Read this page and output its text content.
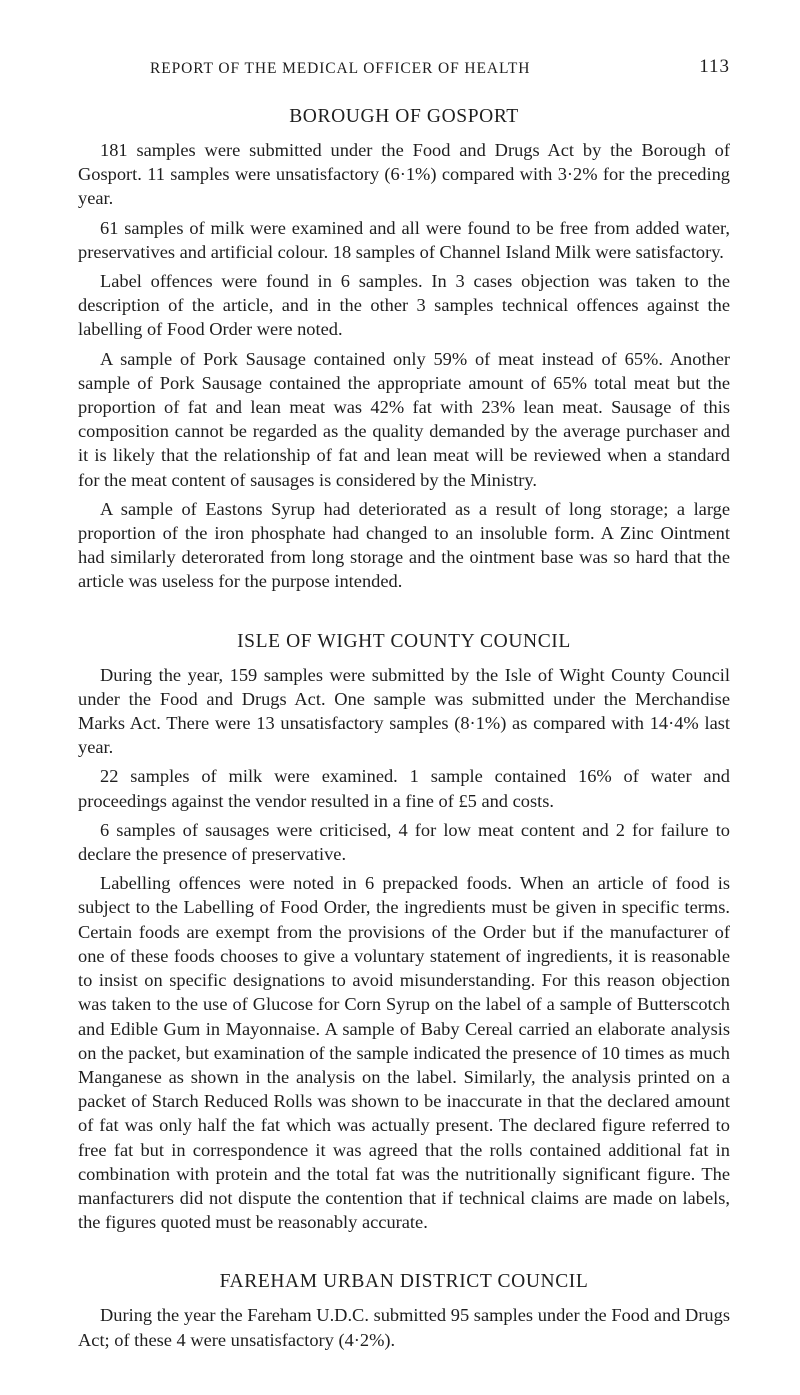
REPORT OF THE MEDICAL OFFICER OF HEALTH	113
BOROUGH OF GOSPORT

181 samples were submitted under the Food and Drugs Act by the Borough of Gosport. 11 samples were unsatisfactory (6·1%) compared with 3·2% for the preceding year.

61 samples of milk were examined and all were found to be free from added water, preservatives and artificial colour. 18 samples of Channel Island Milk were satisfactory.

Label offences were found in 6 samples. In 3 cases objection was taken to the description of the article, and in the other 3 samples technical offences against the labelling of Food Order were noted.

A sample of Pork Sausage contained only 59% of meat instead of 65%. Another sample of Pork Sausage contained the appropriate amount of 65% total meat but the proportion of fat and lean meat was 42% fat with 23% lean meat. Sausage of this composition cannot be regarded as the quality demanded by the average purchaser and it is likely that the relationship of fat and lean meat will be reviewed when a standard for the meat content of sausages is considered by the Ministry.

A sample of Eastons Syrup had deteriorated as a result of long storage; a large proportion of the iron phosphate had changed to an insoluble form. A Zinc Ointment had similarly deterorated from long storage and the ointment base was so hard that the article was useless for the purpose intended.

ISLE OF WIGHT COUNTY COUNCIL

During the year, 159 samples were submitted by the Isle of Wight County Council under the Food and Drugs Act. One sample was submitted under the Merchandise Marks Act. There were 13 unsatisfactory samples (8·1%) as compared with 14·4% last year.

22 samples of milk were examined. 1 sample contained 16% of water and proceedings against the vendor resulted in a fine of £5 and costs.

6 samples of sausages were criticised, 4 for low meat content and 2 for failure to declare the presence of preservative.

Labelling offences were noted in 6 prepacked foods. When an article of food is subject to the Labelling of Food Order, the ingredients must be given in specific terms. Certain foods are exempt from the provisions of the Order but if the manufacturer of one of these foods chooses to give a voluntary statement of ingredients, it is reasonable to insist on specific designations to avoid misunderstanding. For this reason objection was taken to the use of Glucose for Corn Syrup on the label of a sample of Butterscotch and Edible Gum in Mayonnaise. A sample of Baby Cereal carried an elaborate analysis on the packet, but examination of the sample indicated the presence of 10 times as much Manganese as shown in the analysis on the label. Similarly, the analysis printed on a packet of Starch Reduced Rolls was shown to be inaccurate in that the declared amount of fat was only half the fat which was actually present. The declared figure referred to free fat but in correspondence it was agreed that the rolls contained additional fat in combination with protein and the total fat was the nutritionally significant figure. The manfacturers did not dispute the contention that if technical claims are made on labels, the figures quoted must be reasonably accurate.

FAREHAM URBAN DISTRICT COUNCIL

During the year the Fareham U.D.C. submitted 95 samples under the Food and Drugs Act; of these 4 were unsatisfactory (4·2%).
